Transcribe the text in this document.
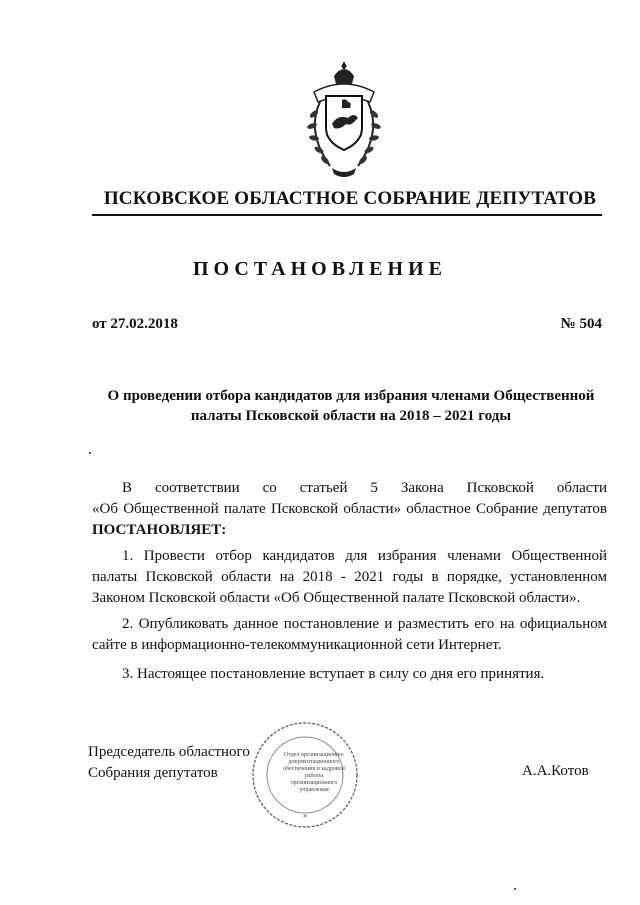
ПСКОВСКОЕ ОБЛАСТНОЕ СОБРАНИЕ ДЕПУТАТОВ
ПОСТАНОВЛЕНИЕ
от 27.02.2018	№ 504
О проведении отбора кандидатов для избрания членами Общественной
палаты Псковской области на 2018 – 2021 годы
В соответствии со статьей 5 Закона Псковской области
«Об Общественной палате Псковской области» областное Собрание депутатов
ПОСТАНОВЛЯЕТ:
1. Провести отбор кандидатов для избрания членами Общественной
палаты Псковской области на 2018 - 2021 годы в порядке, установленном
Законом Псковской области «Об Общественной палате Псковской области».
2. Опубликовать данное постановление и разместить его на официальном
сайте в информационно-телекоммуникационной сети Интернет.
3. Настоящее постановление вступает в силу со дня его принятия.
Председатель областного
Собрания депутатов
*
Отдел организационно-документационного обеспечения и кадровой работы организационного управления
А.А.Котов
